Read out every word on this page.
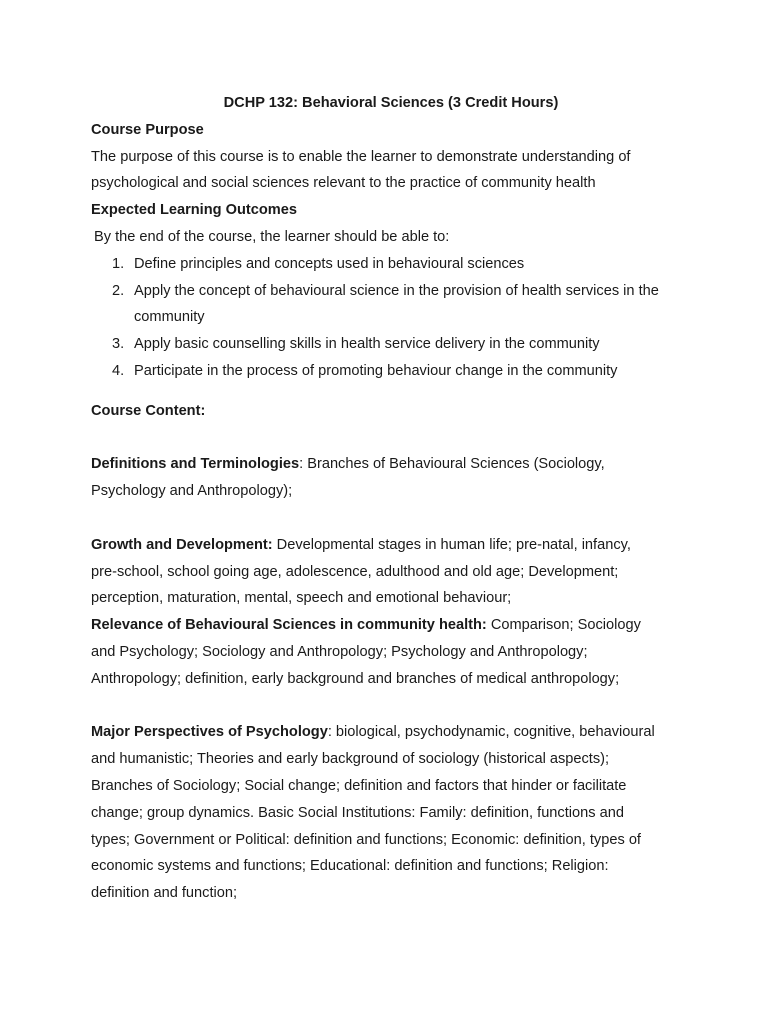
DCHP 132: Behavioral Sciences (3 Credit Hours)
Course Purpose
The purpose of this course is to enable the learner to demonstrate understanding of
psychological and social sciences relevant to the practice of community health
Expected Learning Outcomes
By the end of the course, the learner should be able to:
1. Define principles and concepts used in behavioural sciences
2. Apply the concept of behavioural science in the provision of health services in the
community
3. Apply basic counselling skills in health service delivery in the community
4. Participate in the process of promoting behaviour change in the community
Course Content:
Definitions and Terminologies: Branches of Behavioural Sciences (Sociology,
Psychology and Anthropology);
Growth and Development: Developmental stages in human life; pre-natal, infancy,
pre-school, school going age, adolescence, adulthood and old age; Development;
perception, maturation, mental, speech and emotional behaviour;
Relevance of Behavioural Sciences in community health: Comparison; Sociology
and Psychology; Sociology and Anthropology; Psychology and Anthropology;
Anthropology; definition, early background and branches of medical anthropology;
Major Perspectives of Psychology: biological, psychodynamic, cognitive, behavioural
and humanistic; Theories and early background of sociology (historical aspects);
Branches of Sociology; Social change; definition and factors that hinder or facilitate
change; group dynamics. Basic Social Institutions: Family: definition, functions and
types; Government or Political: definition and functions; Economic: definition, types of
economic systems and functions; Educational: definition and functions; Religion:
definition and function;
